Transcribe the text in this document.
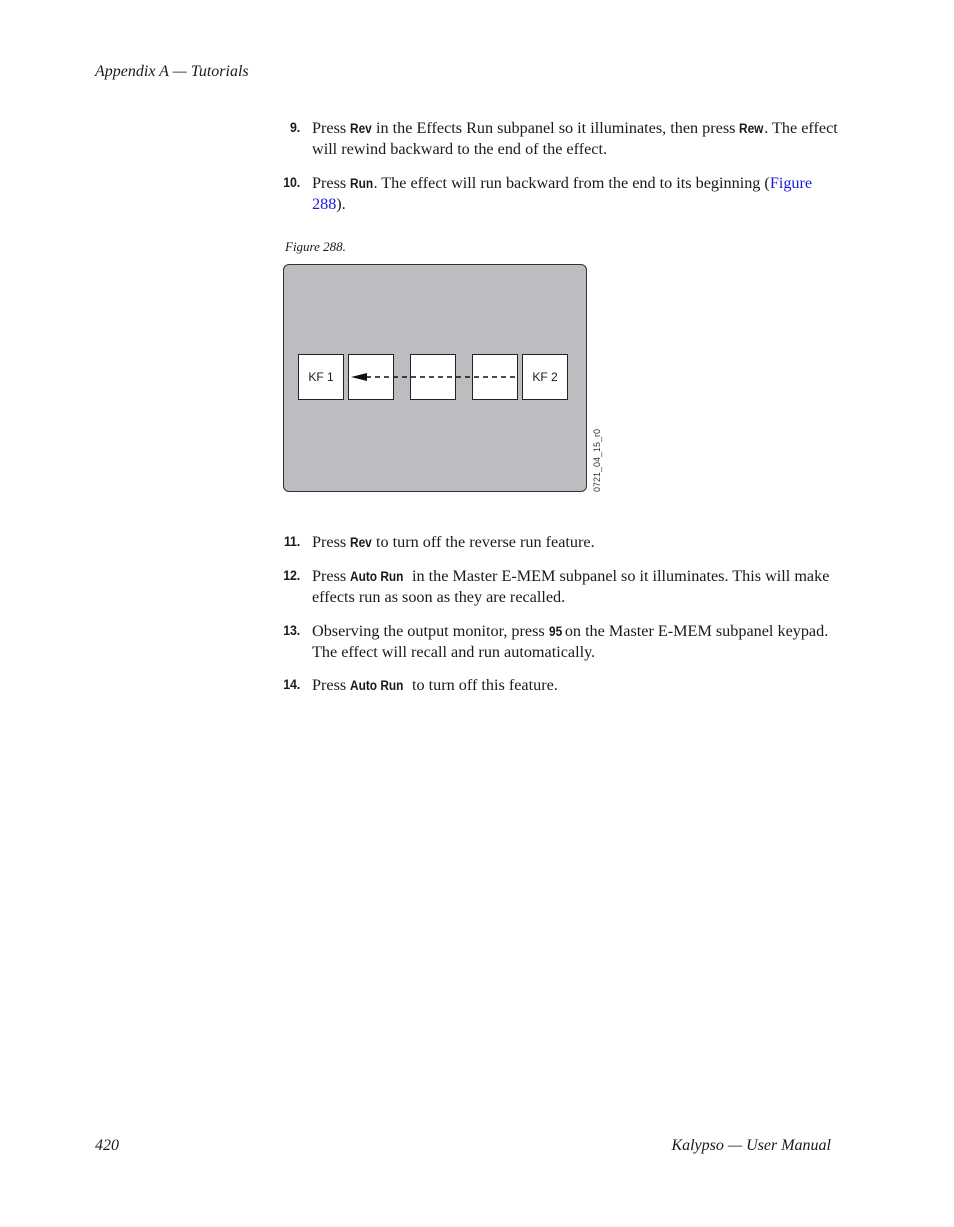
Appendix A — Tutorials
9. Press Rev in the Effects Run subpanel so it illuminates, then press Rew. The effect will rewind backward to the end of the effect.
10. Press Run. The effect will run backward from the end to its beginning (Figure 288).
Figure 288.
KF 1	KF 2
0721_04_15_r0
11. Press Rev to turn off the reverse run feature.
12. Press Auto Run in the Master E-MEM subpanel so it illuminates. This will make effects run as soon as they are recalled.
13. Observing the output monitor, press 95 on the Master E-MEM subpanel keypad. The effect will recall and run automatically.
14. Press Auto Run to turn off this feature.
420	Kalypso — User Manual
